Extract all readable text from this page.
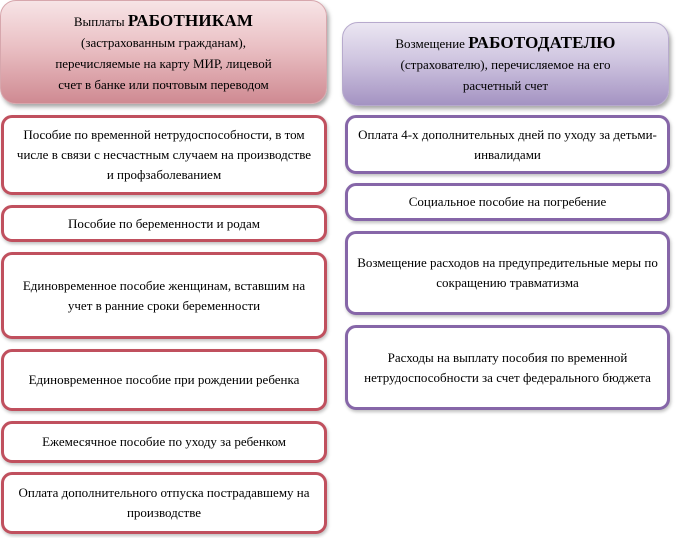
Выплаты РАБОТНИКАМ
(застрахованным гражданам),
перечисляемые на карту МИР, лицевой
счет в банке или почтовым переводом
Возмещение РАБОТОДАТЕЛЮ
(страхователю), перечисляемое на его
расчетный счет
Пособие по временной нетрудоспособности, в том числе в связи с несчастным случаем на производстве и профзаболеванием
Пособие по беременности и родам
Единовременное пособие женщинам, вставшим на учет в ранние сроки беременности
Единовременное пособие при рождении ребенка
Ежемесячное пособие по уходу за ребенком
Оплата дополнительного отпуска пострадавшему на производстве
Оплата 4-х дополнительных дней по уходу за детьми-инвалидами
Социальное пособие на погребение
Возмещение расходов на предупредительные меры по сокращению травматизма
Расходы на выплату пособия по временной нетрудоспособности за счет федерального бюджета
